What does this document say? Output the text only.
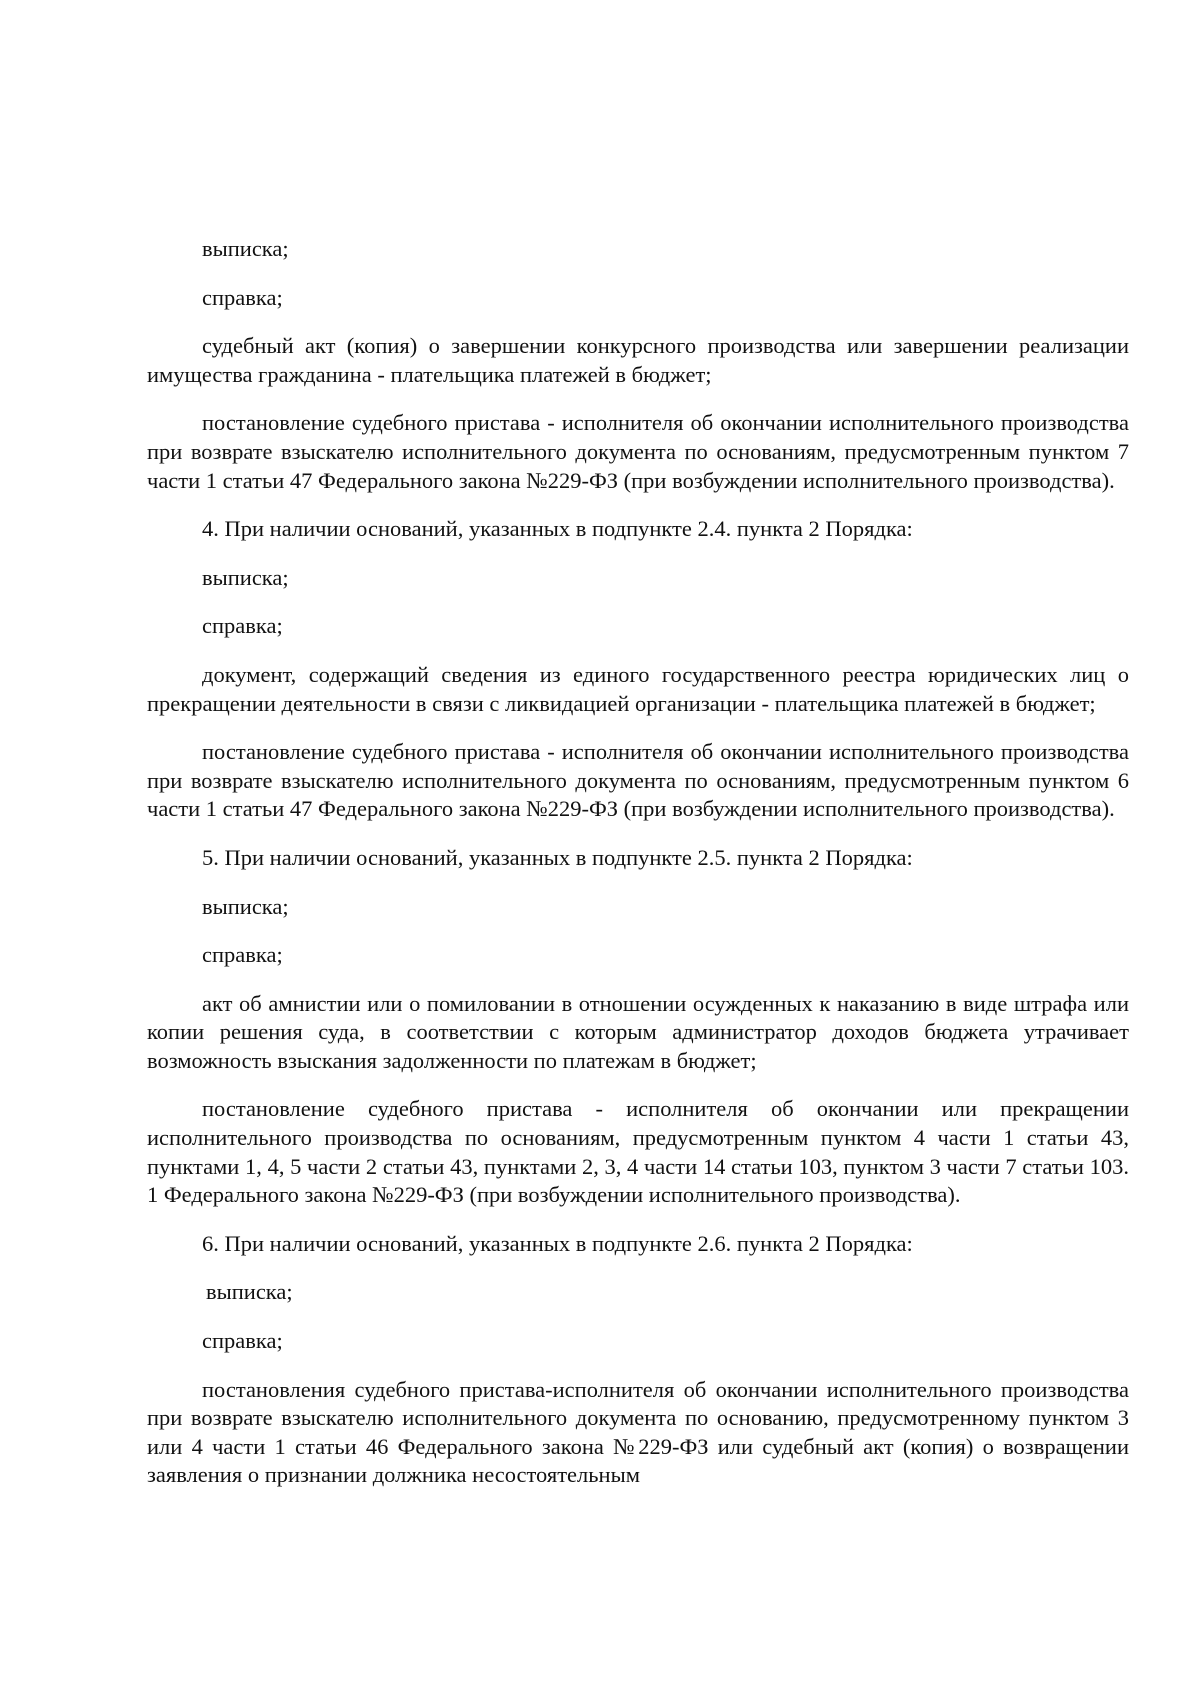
выписка;

справка;

судебный акт (копия) о завершении конкурсного производства или завершении реализации имущества гражданина - плательщика платежей в бюджет;

постановление судебного пристава - исполнителя об окончании исполнительного производства при возврате взыскателю исполнительного документа по основаниям, предусмотренным пунктом 7 части 1 статьи 47 Федерального закона №229-ФЗ (при возбуждении исполнительного производства).

4. При наличии оснований, указанных в подпункте 2.4. пункта 2 Порядка:

выписка;

справка;

документ, содержащий сведения из единого государственного реестра юридических лиц о прекращении деятельности в связи с ликвидацией организации - плательщика платежей в бюджет;

постановление судебного пристава - исполнителя об окончании исполнительного производства при возврате взыскателю исполнительного документа по основаниям, предусмотренным пунктом 6 части 1 статьи 47 Федерального закона №229-ФЗ (при возбуждении исполнительного производства).

5. При наличии оснований, указанных в подпункте 2.5. пункта 2 Порядка:

выписка;

справка;

акт об амнистии или о помиловании в отношении осужденных к наказанию в виде штрафа или копии решения суда, в соответствии с которым администратор доходов бюджета утрачивает возможность взыскания задолженности по платежам в бюджет;

постановление судебного пристава - исполнителя об окончании или прекращении исполнительного производства по основаниям, предусмотренным пунктом 4 части 1 статьи 43, пунктами 1, 4, 5 части 2 статьи 43, пунктами 2, 3, 4 части 14 статьи 103, пунктом 3 части 7 статьи 103. 1 Федерального закона №229-ФЗ (при возбуждении исполнительного производства).

6. При наличии оснований, указанных в подпункте 2.6. пункта 2 Порядка:

выписка;

справка;

постановления судебного пристава-исполнителя об окончании исполнительного производства при возврате взыскателю исполнительного документа по основанию, предусмотренному пунктом 3 или 4 части 1 статьи 46 Федерального закона №229-ФЗ или судебный акт (копия) о возвращении заявления о признании должника несостоятельным
